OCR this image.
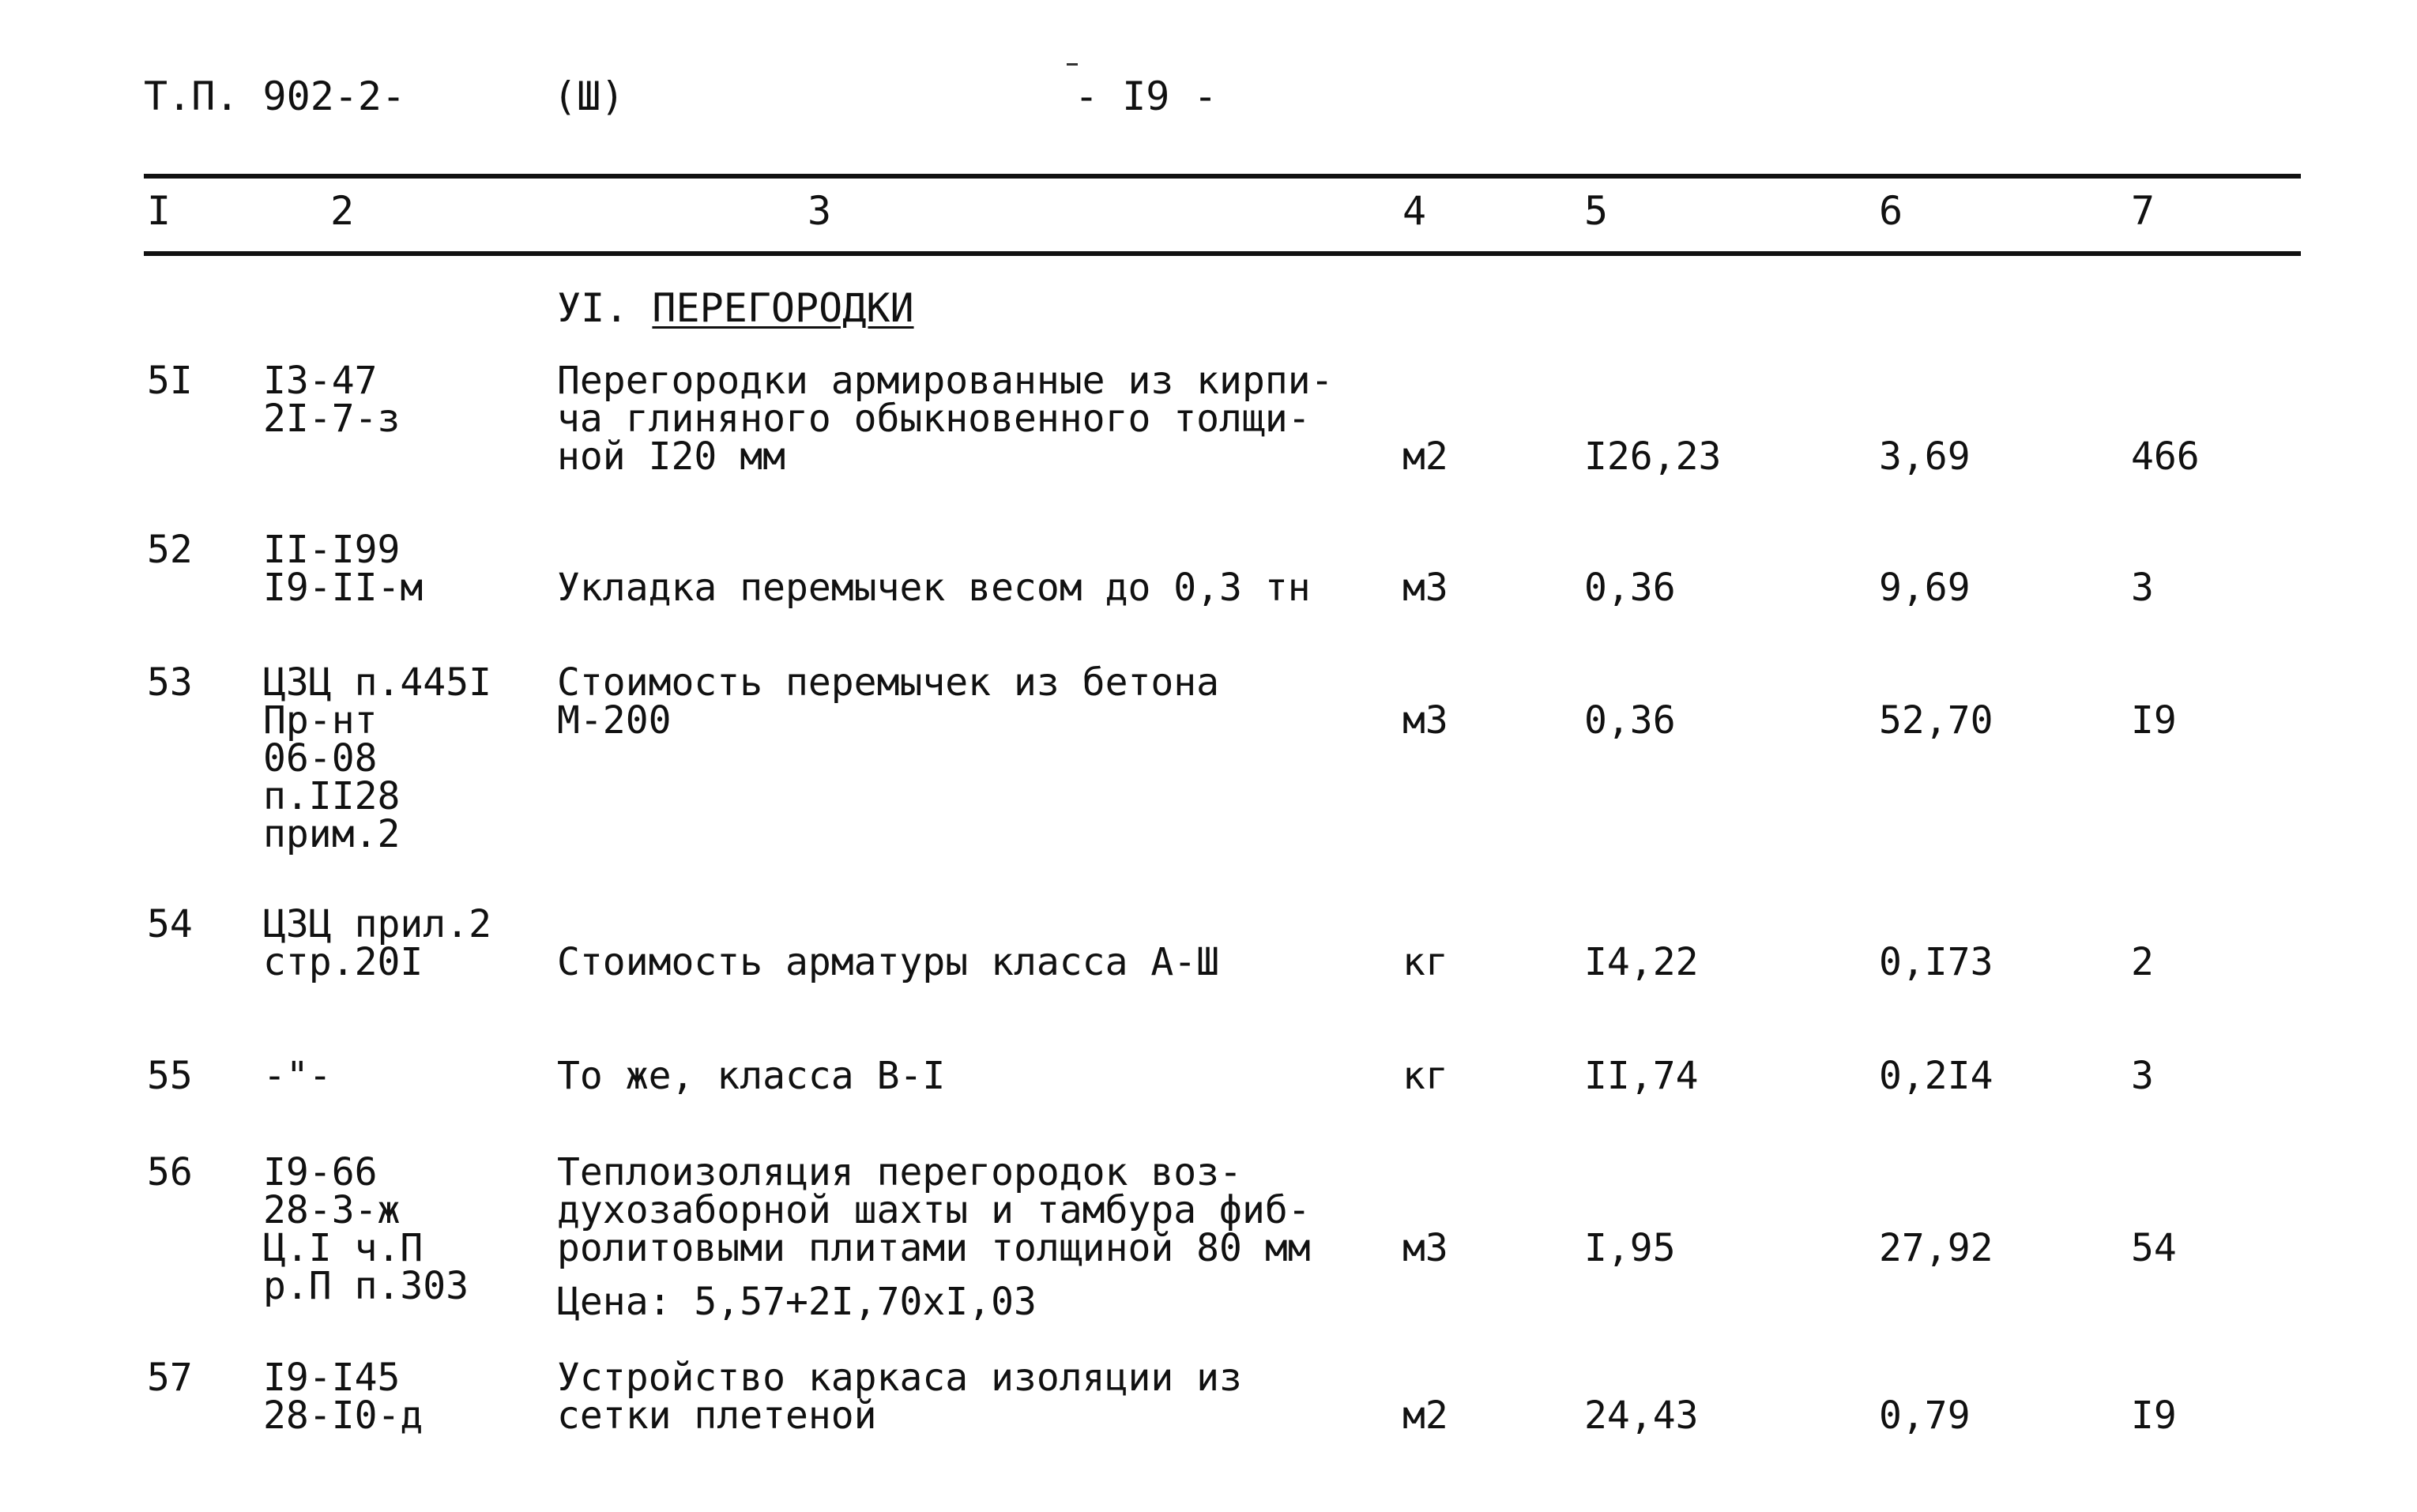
Т.П. 902-2-	(Ш)	- I9 -
I	2	3	4	5	6	7
УI. ПЕРЕГОРОДКИ
5I I3-47
2I-7-з
Перегородки армированные из кирпи-
ча глиняного обыкновенного толщи-
ной I20 мм	м2	I26,23	3,69	466
52 II-I99
I9-II-м	Укладка перемычек весом до 0,3 тн м3	0,36	9,69	3
53 ЦЗЦ п.445I
Пр-нт
06-08
п.II28
прим.2
Стоимость перемычек из бетона
М-200	м3	0,36	52,70	I9
54 ЦЗЦ прил.2
стр.20I	Стоимость арматуры класса А-Ш	кг	I4,22	0,I73	2
55 -"-	То же, класса В-I	кг	II,74	0,2I4	3
56 I9-66
28-3-ж
Ц.I ч.П
р.П п.303
Теплоизоляция перегородок воз-
духозаборной шахты и тамбура фиб-
ролитовыми плитами толщиной 80 мм
Цена: 5,57+2I,70xI,03
м3	I,95	27,92	54
57 I9-I45
28-I0-д
Устройство каркаса изоляции из
сетки плетеной	м2	24,43	0,79	I9
